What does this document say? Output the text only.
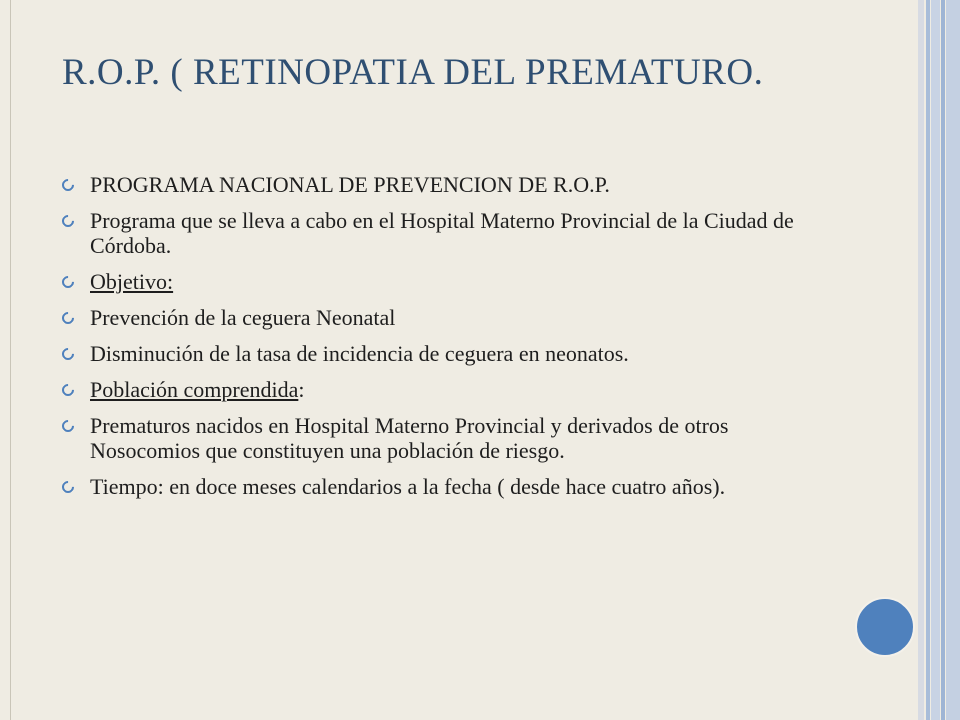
R.O.P. ( RETINOPATIA DEL PREMATURO.
PROGRAMA NACIONAL DE PREVENCION DE R.O.P.
Programa que se lleva a cabo en el Hospital Materno Provincial de la Ciudad de Córdoba.
Objetivo:
Prevención de la ceguera Neonatal
Disminución de la tasa de incidencia de ceguera en neonatos.
Población comprendida:
Prematuros nacidos en Hospital Materno Provincial y derivados de otros Nosocomios que constituyen una población de riesgo.
Tiempo: en doce meses calendarios a la fecha ( desde hace cuatro años).
